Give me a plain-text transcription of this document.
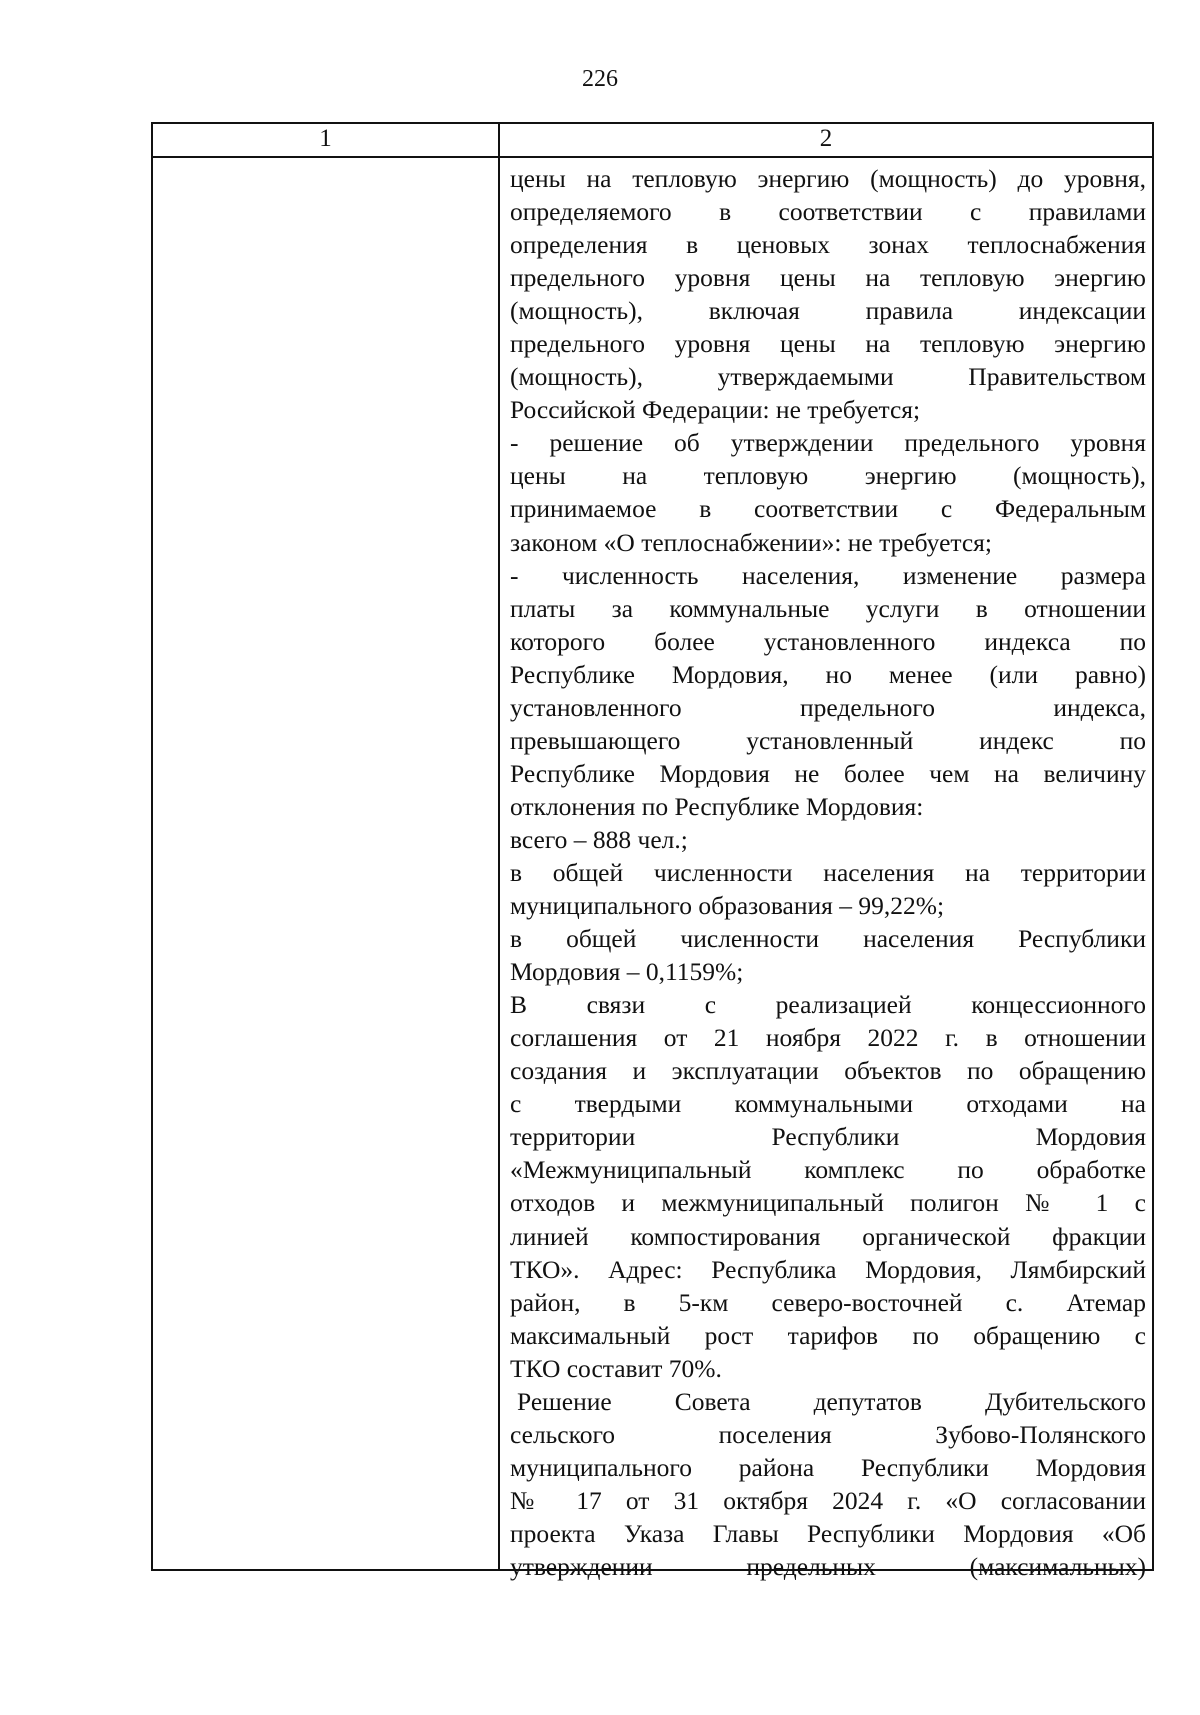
226
1	2
цены на тепловую энергию (мощность) до уровня,
определяемого в соответствии с правилами
определения в ценовых зонах теплоснабжения
предельного уровня цены на тепловую энергию
(мощность), включая правила индексации
предельного уровня цены на тепловую энергию
(мощность), утверждаемыми Правительством
Российской Федерации: не требуется;
- решение об утверждении предельного уровня
цены на тепловую энергию (мощность),
принимаемое в соответствии с Федеральным
законом «О теплоснабжении»: не требуется;
- численность населения, изменение размера
платы за коммунальные услуги в отношении
которого более установленного индекса по
Республике Мордовия, но менее (или равно)
установленного предельного индекса,
превышающего установленный индекс по
Республике Мордовия не более чем на величину
отклонения по Республике Мордовия:
всего – 888 чел.;
в общей численности населения на территории
муниципального образования – 99,22%;
в общей численности населения Республики
Мордовия – 0,1159%;
В связи с реализацией концессионного
соглашения от 21 ноября 2022 г. в отношении
создания и эксплуатации объектов по обращению
с твердыми коммунальными отходами на
территории Республики Мордовия
«Межмуниципальный комплекс по обработке
отходов и межмуниципальный полигон № 1 с
линией компостирования органической фракции
ТКО». Адрес: Республика Мордовия, Лямбирский
район, в 5-км северо-восточней с. Атемар
максимальный рост тарифов по обращению с
ТКО составит 70%.
Решение Совета депутатов Дубительского
сельского поселения Зубово-Полянского
муниципального района Республики Мордовия
№ 17 от 31 октября 2024 г. «О согласовании
проекта Указа Главы Республики Мордовия «Об
утверждении предельных (максимальных)
